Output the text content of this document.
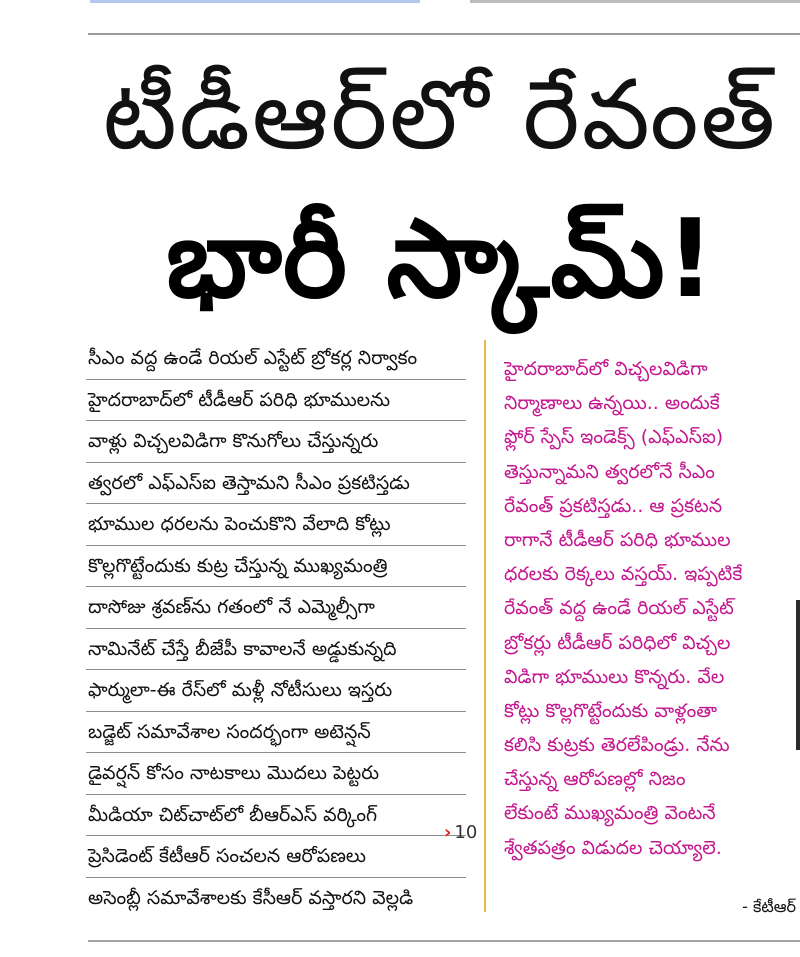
టీడీఆర్‌లో రేవంత్
భారీ స్కామ్!
సీఎం వద్ద ఉండే రియల్ ఎస్టేట్ బ్రోకర్ల నిర్వాకం
హైదరాబాద్‌లో టీడీఆర్ పరిధి భూములను
వాళ్లు విచ్చలవిడిగా కొనుగోలు చేస్తున్నరు
త్వరలో ఎఫ్ఎస్ఐ తెస్తామని సీఎం ప్రకటిస్తడు
భూముల ధరలను పెంచుకొని వేలాది కోట్లు
కొల్లగొట్టేందుకు కుట్ర చేస్తున్న ముఖ్యమంత్రి
దాసోజు శ్రవణ్‌ను గతంలో నే ఎమ్మెల్సీగా
నామినేట్ చేస్తే బీజేపీ కావాలనే అడ్డుకున్నది
ఫార్ములా-ఈ రేస్‌లో మళ్లీ నోటీసులు ఇస్తరు
బడ్జెట్ సమావేశాల సందర్భంగా అటెన్షన్
డైవర్షన్ కోసం నాటకాలు మొదలు పెట్టరు
మీడియా చిట్‌చాట్‌లో బీఆర్ఎస్ వర్కింగ్
ప్రెసిడెంట్ కేటీఆర్ సంచలన ఆరోపణలు
అసెంబ్లీ సమావేశాలకు కేసీఆర్ వస్తారని వెల్లడి
› 10
హైదరాబాద్‌లో విచ్చలవిడిగా
నిర్మాణాలు ఉన్నయి.. అందుకే
ఫ్లోర్ స్పేస్ ఇండెక్స్ (ఎఫ్ఎస్ఐ)
తెస్తున్నామని త్వరలోనే సీఎం
రేవంత్ ప్రకటిస్తడు.. ఆ ప్రకటన
రాగానే టీడీఆర్ పరిధి భూముల
ధరలకు రెక్కలు వస్తయ్. ఇప్పటికే
రేవంత్ వద్ద ఉండే రియల్ ఎస్టేట్
బ్రోకర్లు టీడీఆర్ పరిధిలో విచ్చల
విడిగా భూములు కొన్నరు. వేల
కోట్లు కొల్లగొట్టేందుకు వాళ్లంతా
కలిసి కుట్రకు తెరలేపిండ్రు. నేను
చేస్తున్న ఆరోపణల్లో నిజం
లేకుంటే ముఖ్యమంత్రి వెంటనే
శ్వేతపత్రం విడుదల చెయ్యాలె.
- కేటీఆర్
